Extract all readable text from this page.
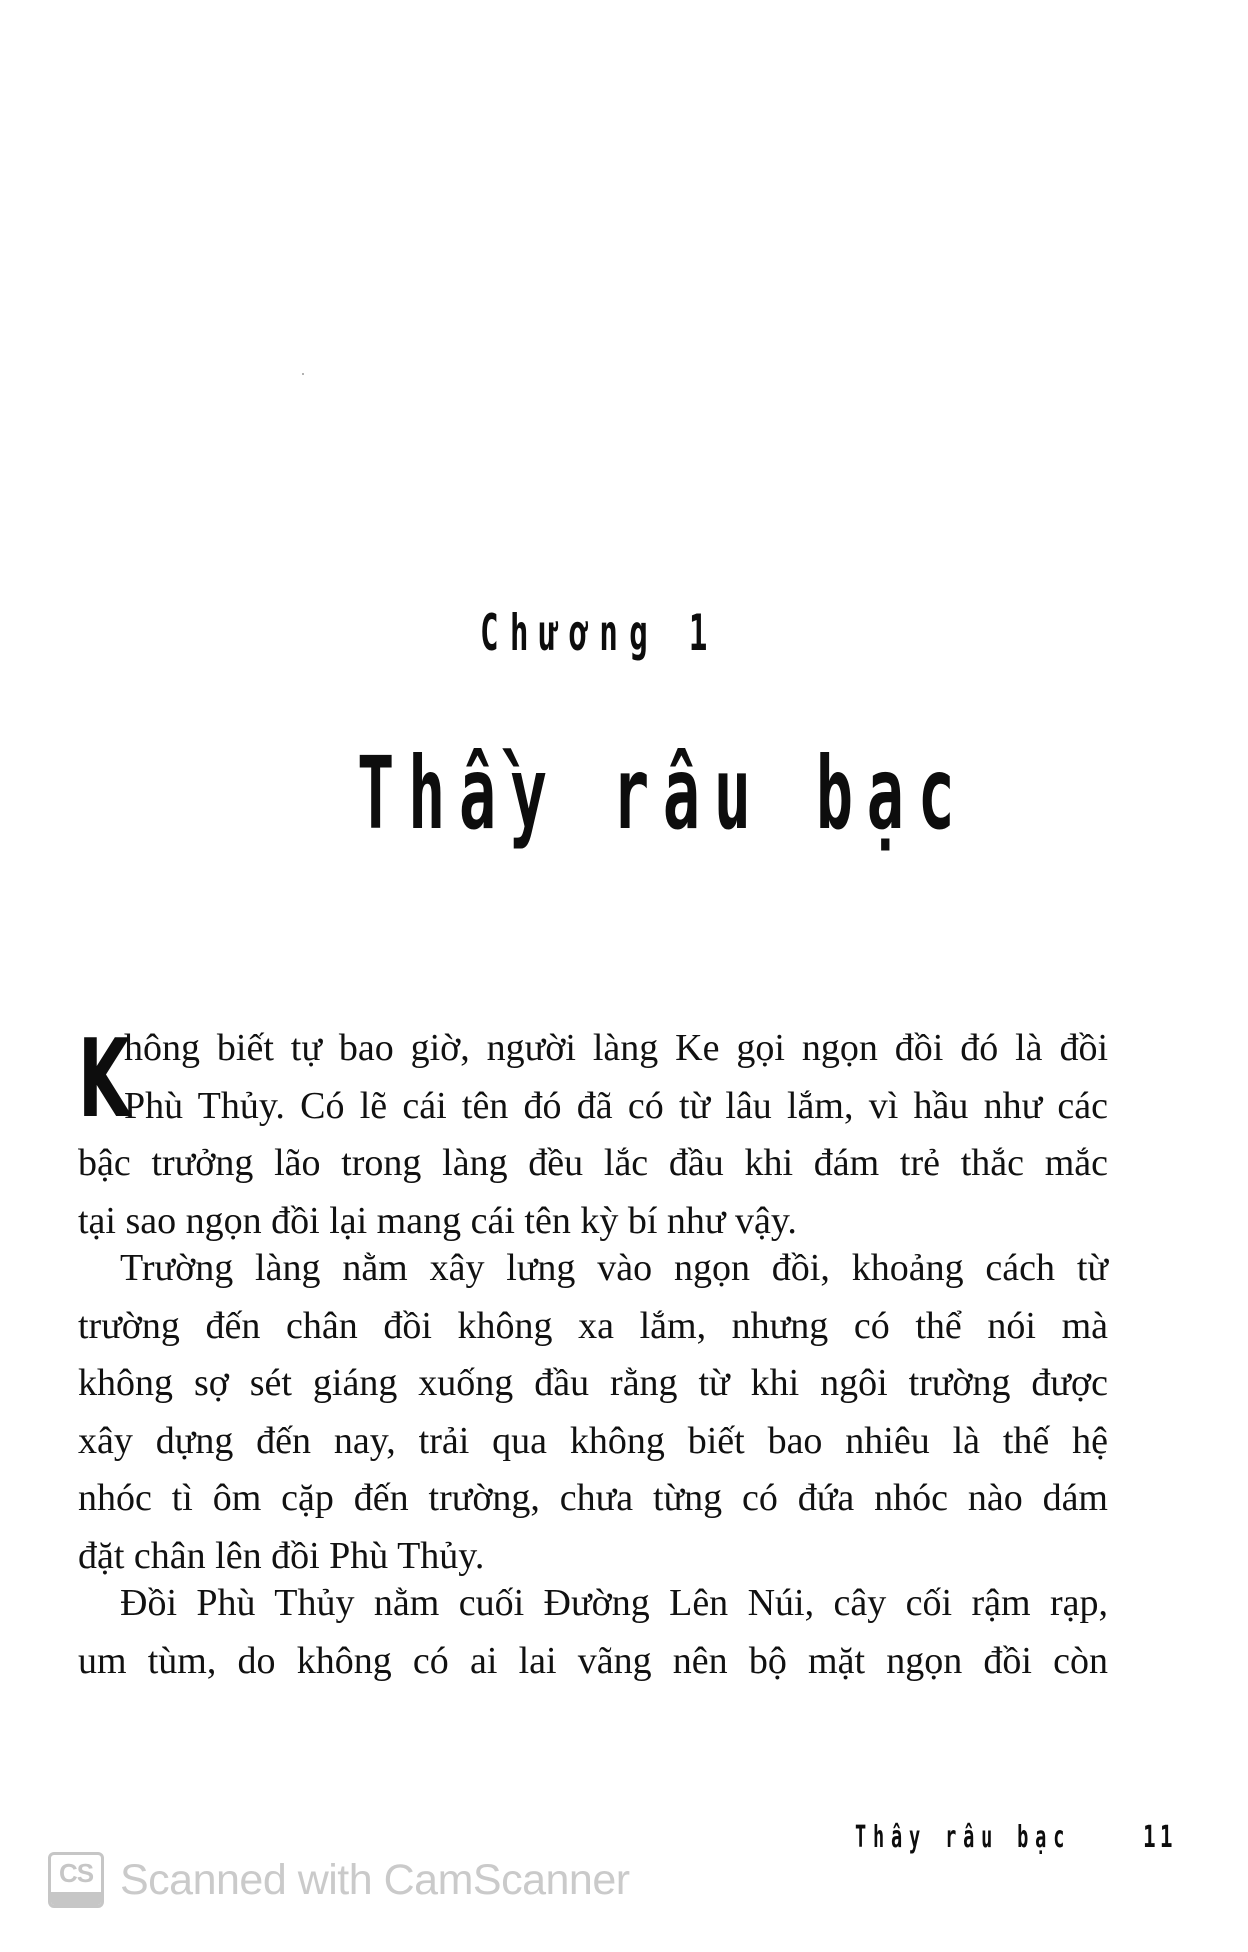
Chương 1
Thầy râu bạc
K
hông biết tự bao giờ, người làng Ke gọi ngọn đồi đó là đồi
Phù Thủy. Có lẽ cái tên đó đã có từ lâu lắm, vì hầu như các
bậc trưởng lão trong làng đều lắc đầu khi đám trẻ thắc mắc
tại sao ngọn đồi lại mang cái tên kỳ bí như vậy.
Trường làng nằm xây lưng vào ngọn đồi, khoảng cách từ
trường đến chân đồi không xa lắm, nhưng có thể nói mà
không sợ sét giáng xuống đầu rằng từ khi ngôi trường được
xây dựng đến nay, trải qua không biết bao nhiêu là thế hệ
nhóc tì ôm cặp đến trường, chưa từng có đứa nhóc nào dám
đặt chân lên đồi Phù Thủy.
Đồi Phù Thủy nằm cuối Đường Lên Núi, cây cối rậm rạp,
um tùm, do không có ai lai vãng nên bộ mặt ngọn đồi còn
Thây râu bạc 11
CS Scanned with CamScanner
